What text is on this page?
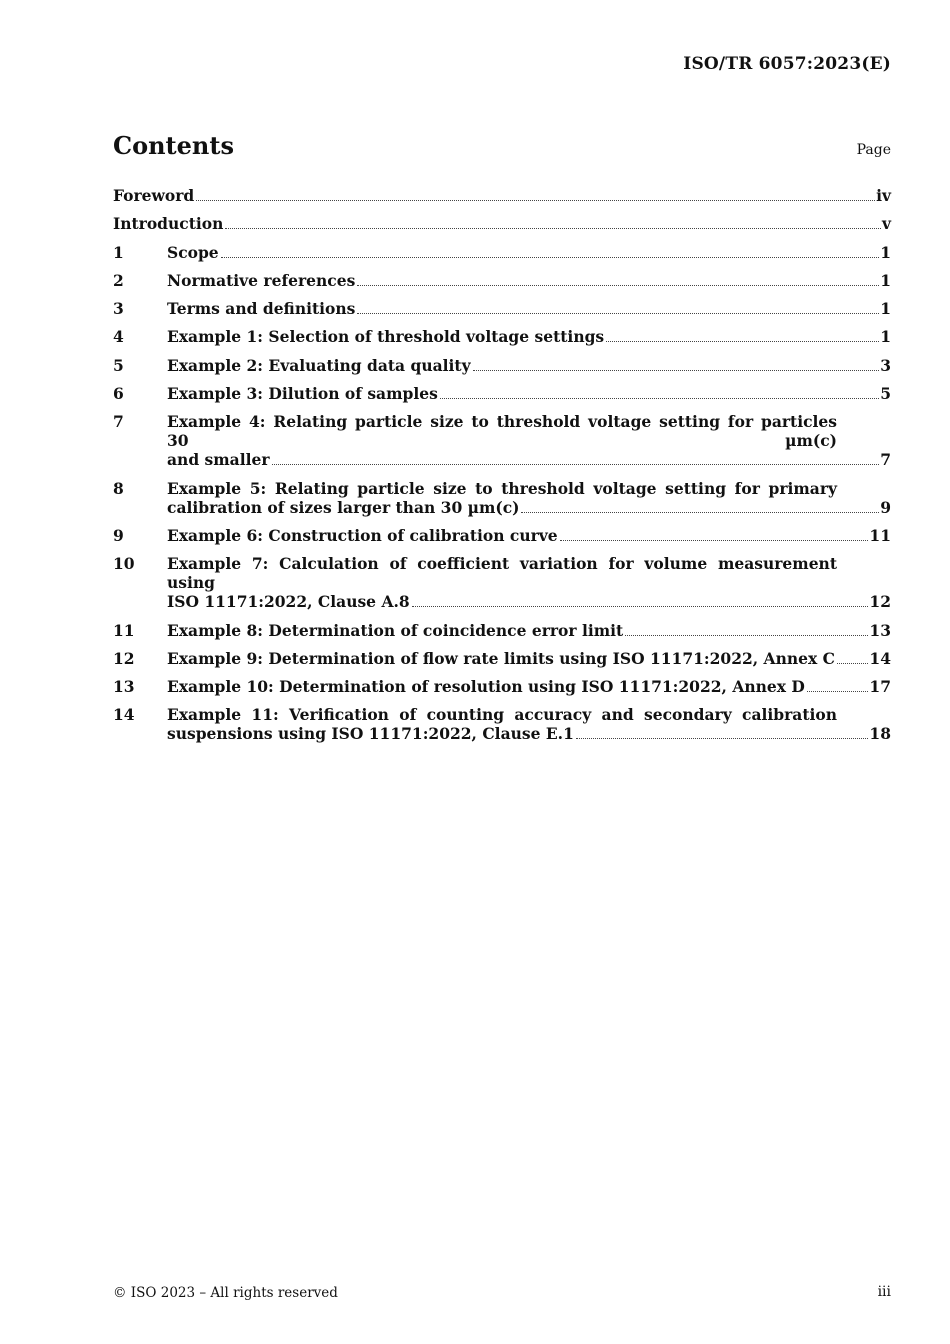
ISO/TR 6057:2023(E)
Contents	Page
Foreword	iv
Introduction	v
1	Scope	1
2	Normative references	1
3	Terms and definitions	1
4	Example 1: Selection of threshold voltage settings	1
5	Example 2: Evaluating data quality	3
6	Example 3: Dilution of samples	5
7	Example 4: Relating particle size to threshold voltage setting for particles 30 µm(c)
and smaller	7
8	Example 5: Relating particle size to threshold voltage setting for primary
calibration of sizes larger than 30 µm(c)	9
9	Example 6: Construction of calibration curve	11
10	Example 7: Calculation of coefficient variation for volume measurement using
ISO 11171:2022, Clause A.8	12
11	Example 8: Determination of coincidence error limit	13
12	Example 9: Determination of flow rate limits using ISO 11171:2022, Annex C 14
13	Example 10: Determination of resolution using ISO 11171:2022, Annex D	17
14	Example 11: Verification of counting accuracy and secondary calibration
suspensions using ISO 11171:2022, Clause E.1	18
© ISO 2023 – All rights reserved	iii
